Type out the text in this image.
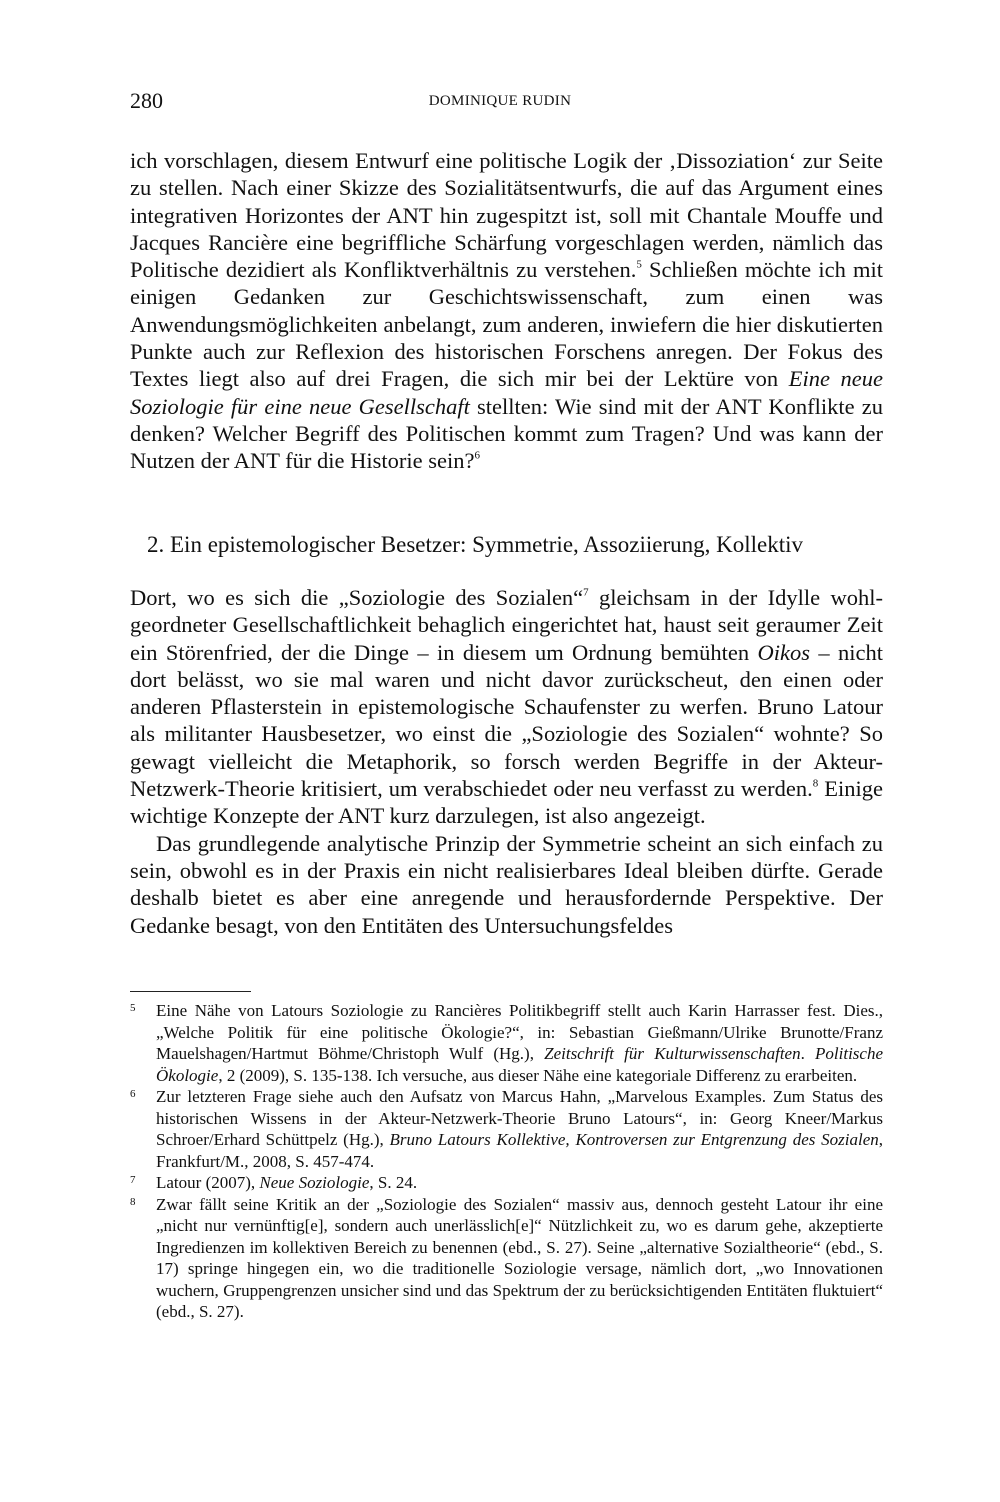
280	DOMINIQUE RUDIN

ich vorschlagen, diesem Entwurf eine politische Logik der ‚Dissoziation‘ zur Seite zu stellen. Nach einer Skizze des Sozialitätsentwurfs, die auf das Argument eines integrativen Horizontes der ANT hin zugespitzt ist, soll mit Chantale Mouffe und Jacques Rancière eine begriffliche Schärfung vorgeschlagen werden, nämlich das Politische dezidiert als Konfliktverhältnis zu verstehen.$^5$ Schließen möchte ich mit einigen Gedanken zur Geschichtswissenschaft, zum einen was Anwendungsmöglichkeiten anbelangt, zum anderen, inwiefern die hier diskutierten Punkte auch zur Reflexion des historischen Forschens anregen. Der Fokus des Textes liegt also auf drei Fragen, die sich mir bei der Lektüre von Eine neue Soziologie für eine neue Gesellschaft stellten: Wie sind mit der ANT Konflikte zu denken? Welcher Begriff des Politischen kommt zum Tragen? Und was kann der Nutzen der ANT für die Historie sein?$^6$

2. Ein epistemologischer Besetzer: Symmetrie, Assoziierung, Kollektiv

Dort, wo es sich die „Soziologie des Sozialen“$^7$ gleichsam in der Idylle wohlgeordneter Gesellschaftlichkeit behaglich eingerichtet hat, haust seit geraumer Zeit ein Störenfried, der die Dinge – in diesem um Ordnung bemühten Oikos – nicht dort belässt, wo sie mal waren und nicht davor zurückscheut, den einen oder anderen Pflasterstein in epistemologische Schaufenster zu werfen. Bruno Latour als militanter Hausbesetzer, wo einst die „Soziologie des Sozialen“ wohnte? So gewagt vielleicht die Metaphorik, so forsch werden Begriffe in der Akteur-Netzwerk-Theorie kritisiert, um verabschiedet oder neu verfasst zu werden.$^8$ Einige wichtige Konzepte der ANT kurz darzulegen, ist also angezeigt.

Das grundlegende analytische Prinzip der Symmetrie scheint an sich einfach zu sein, obwohl es in der Praxis ein nicht realisierbares Ideal bleiben dürfte. Gerade deshalb bietet es aber eine anregende und herausfordernde Perspektive. Der Gedanke besagt, von den Entitäten des Untersuchungsfeldes

5	Eine Nähe von Latours Soziologie zu Rancières Politikbegriff stellt auch Karin Harrasser fest. Dies., „Welche Politik für eine politische Ökologie?“, in: Sebastian Gießmann/Ulrike Brunotte/Franz Mauelshagen/Hartmut Böhme/Christoph Wulf (Hg.), Zeitschrift für Kulturwissenschaften. Politische Ökologie, 2 (2009), S. 135-138. Ich versuche, aus dieser Nähe eine kategoriale Differenz zu erarbeiten.
6	Zur letzteren Frage siehe auch den Aufsatz von Marcus Hahn, „Marvelous Examples. Zum Status des historischen Wissens in der Akteur-Netzwerk-Theorie Bruno Latours“, in: Georg Kneer/Markus Schroer/Erhard Schüttpelz (Hg.), Bruno Latours Kollektive, Kontroversen zur Entgrenzung des Sozialen, Frankfurt/M., 2008, S. 457-474.
7	Latour (2007), Neue Soziologie, S. 24.
8	Zwar fällt seine Kritik an der „Soziologie des Sozialen“ massiv aus, dennoch gesteht Latour ihr eine „nicht nur vernünftig[e], sondern auch unerlässlich[e]“ Nützlichkeit zu, wo es darum gehe, akzeptierte Ingredienzen im kollektiven Bereich zu benennen (ebd., S. 27). Seine „alternative Sozialtheorie“ (ebd., S. 17) springe hingegen ein, wo die traditionelle Soziologie versage, nämlich dort, „wo Innovationen wuchern, Gruppengrenzen unsicher sind und das Spektrum der zu berücksichtigenden Entitäten fluktuiert“ (ebd., S. 27).
